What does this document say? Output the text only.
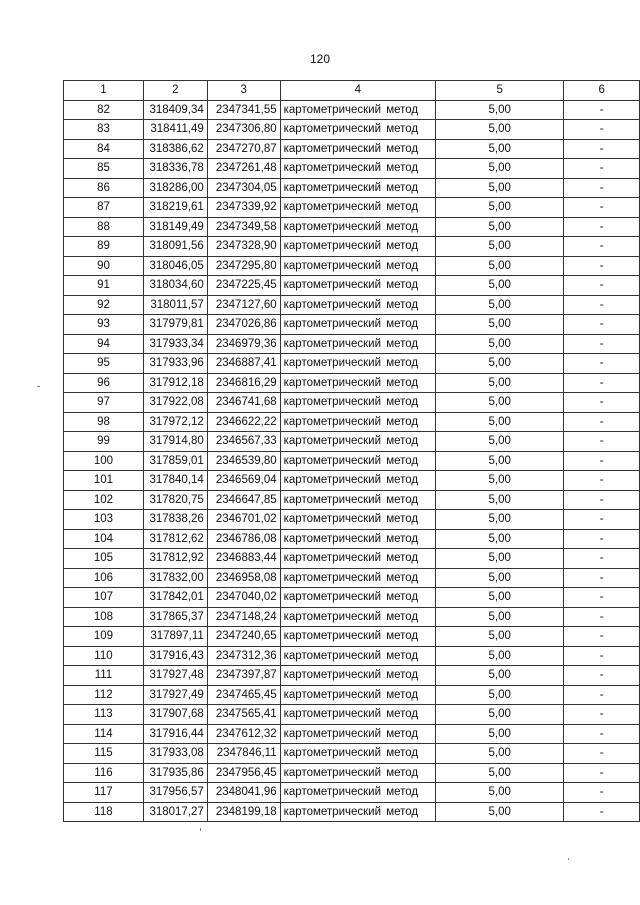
120
1	2	3	4	5	6
82	318409,34	2347341,55	картометрический метод	5,00	-
83	318411,49	2347306,80	картометрический метод	5,00	-
84	318386,62	2347270,87	картометрический метод	5,00	-
85	318336,78	2347261,48	картометрический метод	5,00	-
86	318286,00	2347304,05	картометрический метод	5,00	-
87	318219,61	2347339,92	картометрический метод	5,00	-
88	318149,49	2347349,58	картометрический метод	5,00	-
89	318091,56	2347328,90	картометрический метод	5,00	-
90	318046,05	2347295,80	картометрический метод	5,00	-
91	318034,60	2347225,45	картометрический метод	5,00	-
92	318011,57	2347127,60	картометрический метод	5,00	-
93	317979,81	2347026,86	картометрический метод	5,00	-
94	317933,34	2346979,36	картометрический метод	5,00	-
95	317933,96	2346887,41	картометрический метод	5,00	-
96	317912,18	2346816,29	картометрический метод	5,00	-
97	317922,08	2346741,68	картометрический метод	5,00	-
98	317972,12	2346622,22	картометрический метод	5,00	-
99	317914,80	2346567,33	картометрический метод	5,00	-
100	317859,01	2346539,80	картометрический метод	5,00	-
101	317840,14	2346569,04	картометрический метод	5,00	-
102	317820,75	2346647,85	картометрический метод	5,00	-
103	317838,26	2346701,02	картометрический метод	5,00	-
104	317812,62	2346786,08	картометрический метод	5,00	-
105	317812,92	2346883,44	картометрический метод	5,00	-
106	317832,00	2346958,08	картометрический метод	5,00	-
107	317842,01	2347040,02	картометрический метод	5,00	-
108	317865,37	2347148,24	картометрический метод	5,00	-
109	317897,11	2347240,65	картометрический метод	5,00	-
110	317916,43	2347312,36	картометрический метод	5,00	-
111	317927,48	2347397,87	картометрический метод	5,00	-
112	317927,49	2347465,45	картометрический метод	5,00	-
113	317907,68	2347565,41	картометрический метод	5,00	-
114	317916,44	2347612,32	картометрический метод	5,00	-
115	317933,08	2347846,11	картометрический метод	5,00	-
116	317935,86	2347956,45	картометрический метод	5,00	-
117	317956,57	2348041,96	картометрический метод	5,00	-
118	318017,27	2348199,18	картометрический метод	5,00	-
